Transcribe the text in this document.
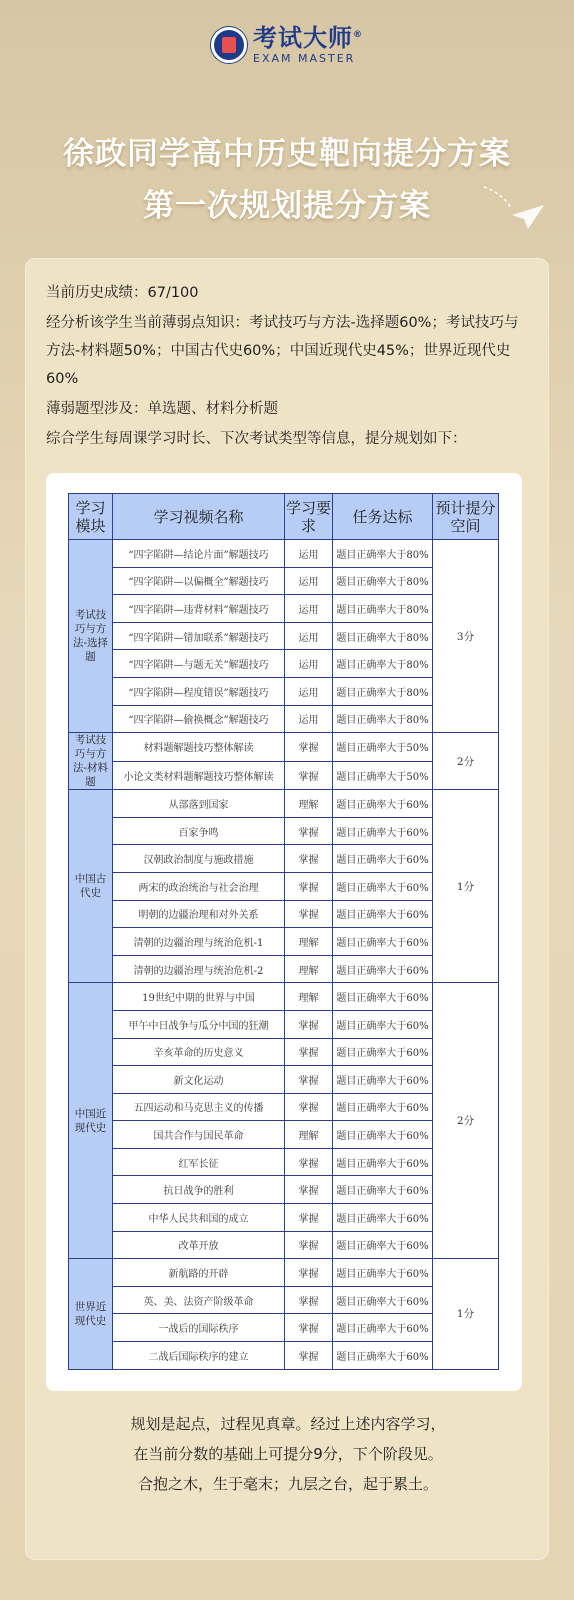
考试大师®
EXAM MASTER
徐政同学高中历史靶向提分方案
第一次规划提分方案

当前历史成绩：67/100

经分析该学生当前薄弱点知识：考试技巧与方法-选择题60%；考试技巧与方法-材料题50%；中国古代史60%；中国近现代史45%；世界近现代史60%

薄弱题型涉及：单选题、材料分析题

综合学生每周课学习时长、下次考试类型等信息，提分规划如下：

学习模块	学习视频名称	学习要求	任务达标	预计提分空间
考试技巧与方法-选择题	“四字陷阱—结论片面”解题技巧	运用	题目正确率大于80%	3分
	“四字陷阱—以偏概全”解题技巧	运用	题目正确率大于80%	
	“四字陷阱—违背材料”解题技巧	运用	题目正确率大于80%	
	“四字陷阱—错加联系”解题技巧	运用	题目正确率大于80%	
	“四字陷阱—与题无关”解题技巧	运用	题目正确率大于80%	
	“四字陷阱—程度错误”解题技巧	运用	题目正确率大于80%	
	“四字陷阱—偷换概念”解题技巧	运用	题目正确率大于80%	
考试技巧与方法-材料题	材料题解题技巧整体解读	掌握	题目正确率大于50%	2分
	小论文类材料题解题技巧整体解读	掌握	题目正确率大于50%	
中国古代史	从部落到国家	理解	题目正确率大于60%	1分
	百家争鸣	掌握	题目正确率大于60%	
	汉朝政治制度与施政措施	掌握	题目正确率大于60%	
	两宋的政治统治与社会治理	掌握	题目正确率大于60%	
	明朝的边疆治理和对外关系	掌握	题目正确率大于60%	
	清朝的边疆治理与统治危机-1	理解	题目正确率大于60%	
	清朝的边疆治理与统治危机-2	理解	题目正确率大于60%	
中国近现代史	19世纪中期的世界与中国	理解	题目正确率大于60%	2分
	甲午中日战争与瓜分中国的狂潮	掌握	题目正确率大于60%	
	辛亥革命的历史意义	掌握	题目正确率大于60%	
	新文化运动	掌握	题目正确率大于60%	
	五四运动和马克思主义的传播	掌握	题目正确率大于60%	
	国共合作与国民革命	理解	题目正确率大于60%	
	红军长征	掌握	题目正确率大于60%	
	抗日战争的胜利	掌握	题目正确率大于60%	
	中华人民共和国的成立	掌握	题目正确率大于60%	
	改革开放	掌握	题目正确率大于60%	
世界近现代史	新航路的开辟	掌握	题目正确率大于60%	1分
	英、美、法资产阶级革命	掌握	题目正确率大于60%	
	一战后的国际秩序	掌握	题目正确率大于60%	
	二战后国际秩序的建立	掌握	题目正确率大于60%	

规划是起点，过程见真章。经过上述内容学习，

在当前分数的基础上可提分9分，下个阶段见。

合抱之木，生于毫末；九层之台，起于累土。
